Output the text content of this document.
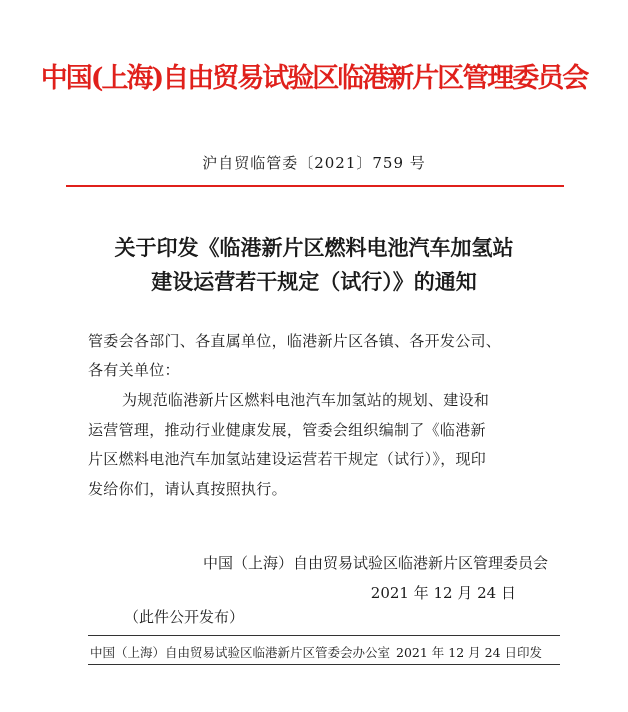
中国(上海)自由贸易试验区临港新片区管理委员会
沪自贸临管委〔2021〕759 号
关于印发《临港新片区燃料电池汽车加氢站
建设运营若干规定（试行）》的通知
管委会各部门、各直属单位，临港新片区各镇、各开发公司、
各有关单位：
为规范临港新片区燃料电池汽车加氢站的规划、建设和
运营管理，推动行业健康发展，管委会组织编制了《临港新
片区燃料电池汽车加氢站建设运营若干规定（试行）》，现印
发给你们，请认真按照执行。
中国（上海）自由贸易试验区临港新片区管理委员会
2021 年 12 月 24 日
（此件公开发布）
中国（上海）自由贸易试验区临港新片区管委会办公室 2021 年 12 月 24 日印发
